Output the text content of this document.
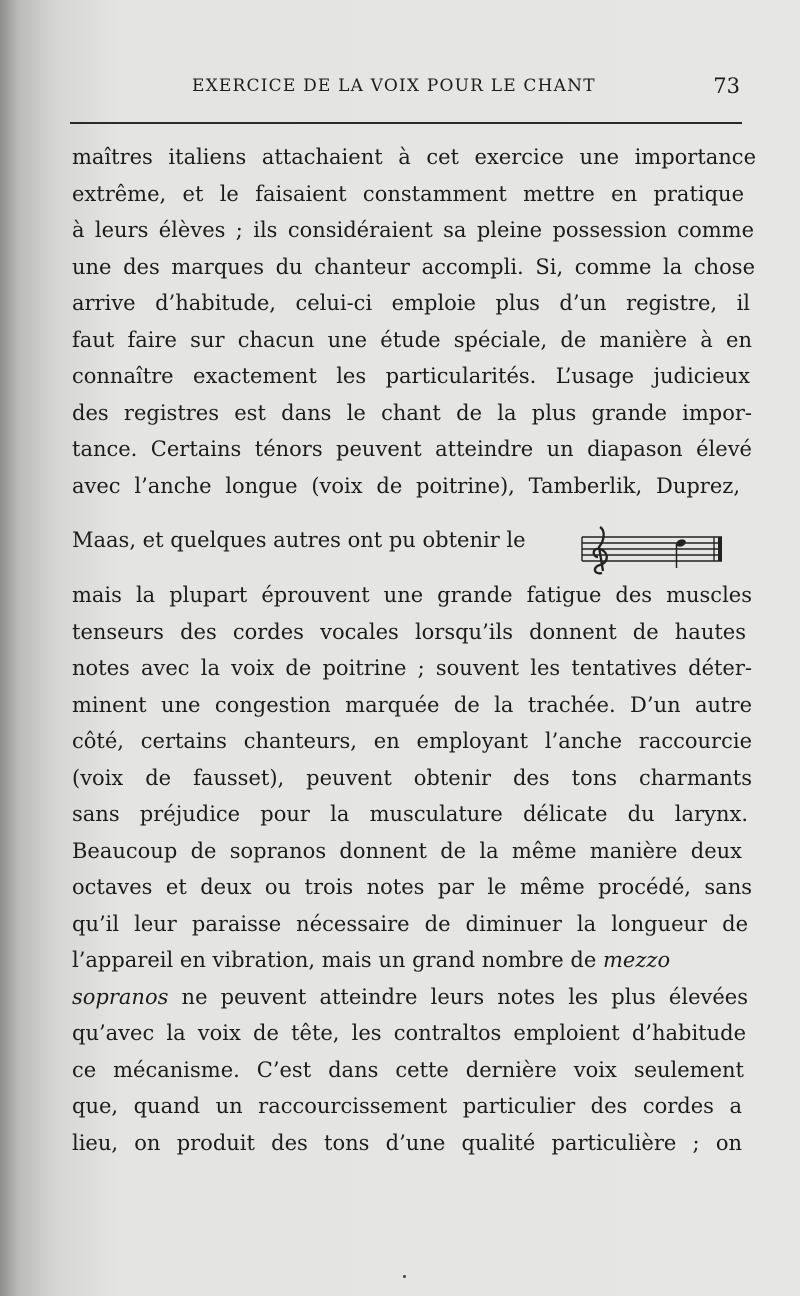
EXERCICE DE LA VOIX POUR LE CHANT	73
maîtres italiens attachaient à cet exercice une importance
extrême, et le faisaient constamment mettre en pratique
à leurs élèves ; ils considéraient sa pleine possession comme
une des marques du chanteur accompli. Si, comme la chose
arrive d’habitude, celui-ci emploie plus d’un registre, il
faut faire sur chacun une étude spéciale, de manière à en
connaître exactement les particularités. L’usage judicieux
des registres est dans le chant de la plus grande impor-
tance. Certains ténors peuvent atteindre un diapason élevé
avec l’anche longue (voix de poitrine), Tamberlik, Duprez,
Maas, et quelques autres ont pu obtenir le
mais la plupart éprouvent une grande fatigue des muscles
tenseurs des cordes vocales lorsqu’ils donnent de hautes
notes avec la voix de poitrine ; souvent les tentatives déter-
minent une congestion marquée de la trachée. D’un autre
côté, certains chanteurs, en employant l’anche raccourcie
(voix de fausset), peuvent obtenir des tons charmants
sans préjudice pour la musculature délicate du larynx.
Beaucoup de sopranos donnent de la même manière deux
octaves et deux ou trois notes par le même procédé, sans
qu’il leur paraisse nécessaire de diminuer la longueur de
l’appareil en vibration, mais un grand nombre de mezzo
sopranos ne peuvent atteindre leurs notes les plus élevées
qu’avec la voix de tête, les contraltos emploient d’habitude
ce mécanisme. C’est dans cette dernière voix seulement
que, quand un raccourcissement particulier des cordes a
lieu, on produit des tons d’une qualité particulière ; on
